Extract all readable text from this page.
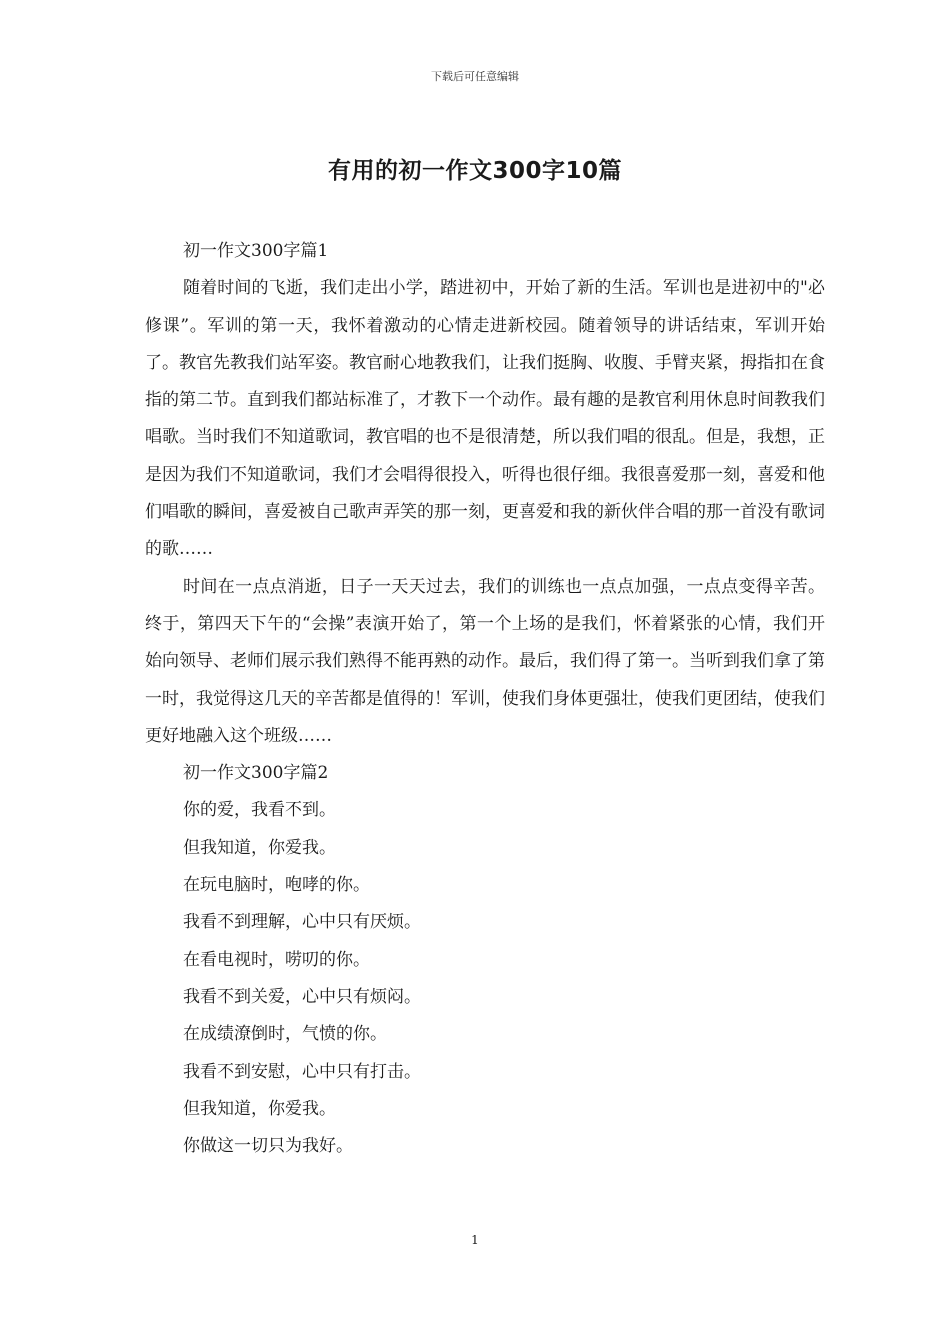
下载后可任意编辑
有用的初一作文300字10篇

初一作文300字篇1

随着时间的飞逝，我们走出小学，踏进初中，开始了新的生活。军训也是进初中的"必修课”。军训的第一天，我怀着激动的心情走进新校园。随着领导的讲话结束，军训开始了。教官先教我们站军姿。教官耐心地教我们，让我们挺胸、收腹、手臂夹紧，拇指扣在食指的第二节。直到我们都站标准了，才教下一个动作。最有趣的是教官利用休息时间教我们唱歌。当时我们不知道歌词，教官唱的也不是很清楚，所以我们唱的很乱。但是，我想，正是因为我们不知道歌词，我们才会唱得很投入，听得也很仔细。我很喜爱那一刻，喜爱和他们唱歌的瞬间，喜爱被自己歌声弄笑的那一刻，更喜爱和我的新伙伴合唱的那一首没有歌词的歌……

时间在一点点消逝，日子一天天过去，我们的训练也一点点加强，一点点变得辛苦。终于，第四天下午的“会操”表演开始了，第一个上场的是我们，怀着紧张的心情，我们开始向领导、老师们展示我们熟得不能再熟的动作。最后，我们得了第一。当听到我们拿了第一时，我觉得这几天的辛苦都是值得的！军训，使我们身体更强壮，使我们更团结，使我们更好地融入这个班级……

初一作文300字篇2

你的爱，我看不到。

但我知道，你爱我。

在玩电脑时，咆哮的你。

我看不到理解，心中只有厌烦。

在看电视时，唠叨的你。

我看不到关爱，心中只有烦闷。

在成绩潦倒时，气愤的你。

我看不到安慰，心中只有打击。

但我知道，你爱我。

你做这一切只为我好。

1
